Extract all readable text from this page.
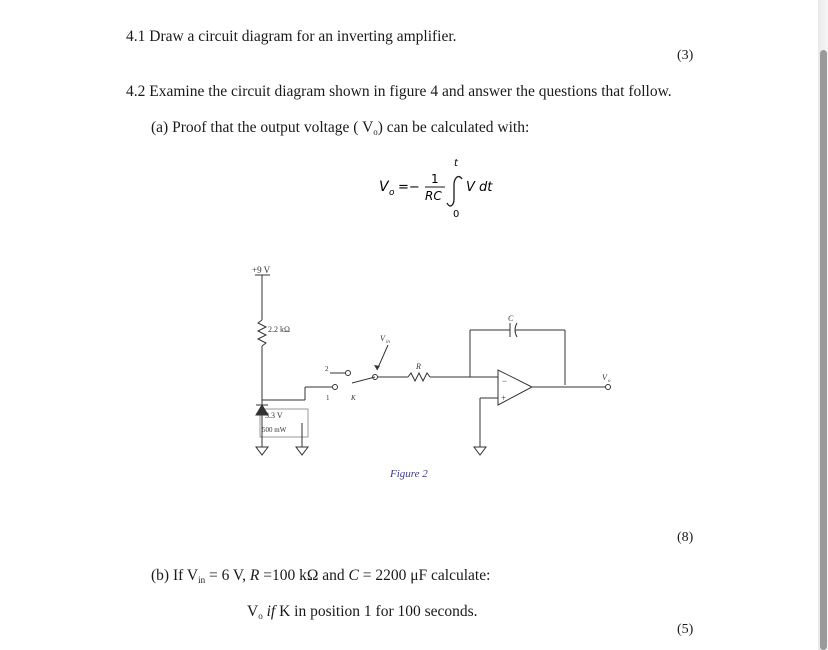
4.1 Draw a circuit diagram for an inverting amplifier.
(3)
4.2 Examine the circuit diagram shown in figure 4 and answer the questions that follow.
(a) Proof that the output voltage ( $V_o$) can be calculated with:
V o =−
1
RC
t
0
V dt
+9 V
2.2 kΩ
3.3 V
500 mW
V in
R
C
K
1
2
−
+
V o
Figure 2
(8)
(b) If $V_{in} = 6$ V, R =100 kΩ and C = 2200 μF calculate:
$V_o$ if K in position 1 for 100 seconds.
(5)
